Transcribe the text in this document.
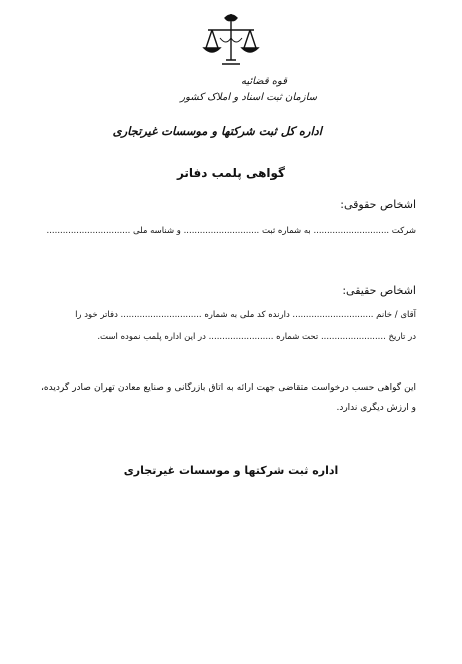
قوه قضائیه
سازمان ثبت اسناد و املاک کشور
اداره کل ثبت شرکتها و موسسات غیرتجاری
گواهی پلمب دفاتر
اشخاص حقوقی:
شرکت ............................ به شماره ثبت ............................ و شناسه ملی ...............................
اشخاص حقیقی:
آقای / خانم .............................. دارنده کد ملی به شماره .............................. دفاتر خود را
در تاریخ ........................ تحت شماره ........................ در این اداره پلمب نموده است.
این گواهی حسب درخواست متقاضی جهت ارائه به اتاق بازرگانی و صنایع معادن تهران صادر گردیده، و ارزش دیگری ندارد.
اداره ثبت شرکتها و موسسات غیرتجاری
